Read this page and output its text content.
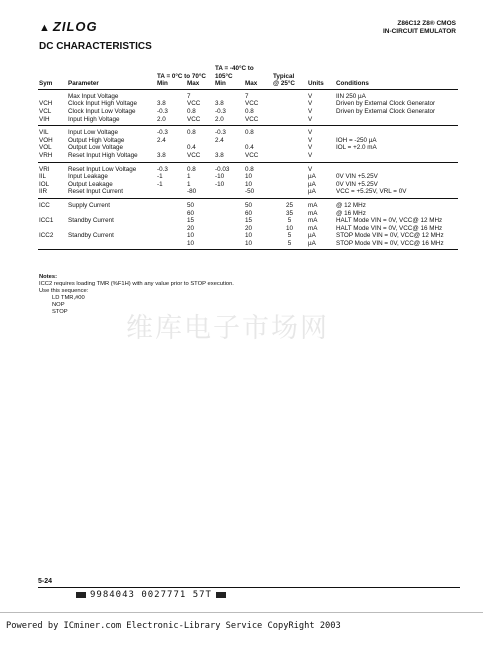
▲ ZILOG	Z86C12 Z8® CMOS
IN-CIRCUIT EMULATOR
DC CHARACTERISTICS
		TA = 0°C to 70°C		TA = -40°C to 105°C		Typical		
Sym	Parameter	Min	Max	Min	Max	@ 25°C	Units	Conditions
	Max Input Voltage		7		7		V	IIN 250 µA
VCH	Clock Input High Voltage	3.8	VCC	3.8	VCC		V	Driven by External Clock Generator
VCL	Clock Input Low Voltage	-0.3	0.8	-0.3	0.8		V	Driven by External Clock Generator
VIH	Input High Voltage	2.0	VCC	2.0	VCC		V	
VIL	Input Low Voltage	-0.3	0.8	-0.3	0.8		V	
VOH	Output High Voltage	2.4		2.4			V	IOH = -250 µA
VOL	Output Low Voltage		0.4		0.4		V	IOL = +2.0 mA
VRH	Reset Input High Voltage	3.8	VCC	3.8	VCC		V	
VRl	Reset Input Low Voltage	-0.3	0.8	-0.03	0.8		V	
IIL	Input Leakage	-1	1	-10	10		µA	0V VIN +5.25V
IOL	Output Leakage	-1	1	-10	10		µA	0V VIN +5.25V
IIR	Reset Input Current		-80		-50		µA	VCC = +5.25V, VRL = 0V
ICC	Supply Current		50		50	25	mA	@ 12 MHz
			60		60	35	mA	@ 16 MHz
ICC1	Standby Current		15		15	5	mA	HALT Mode VIN = 0V, VCC@ 12 MHz
			20		20	10	mA	HALT Mode VIN = 0V, VCC@ 16 MHz
ICC2	Standby Current		10		10	5	µA	STOP Mode VIN = 0V, VCC@ 12 MHz
			10		10	5	µA	STOP Mode VIN = 0V, VCC@ 16 MHz
Notes:
ICC2 requires loading TMR (%F1H) with any value prior to STOP execution.
Use this sequence:
LD TMR,#00
NOP
STOP
维库电子市场网
5-24
9984043 0027771 57T
Powered by ICminer.com Electronic-Library Service CopyRight 2003
